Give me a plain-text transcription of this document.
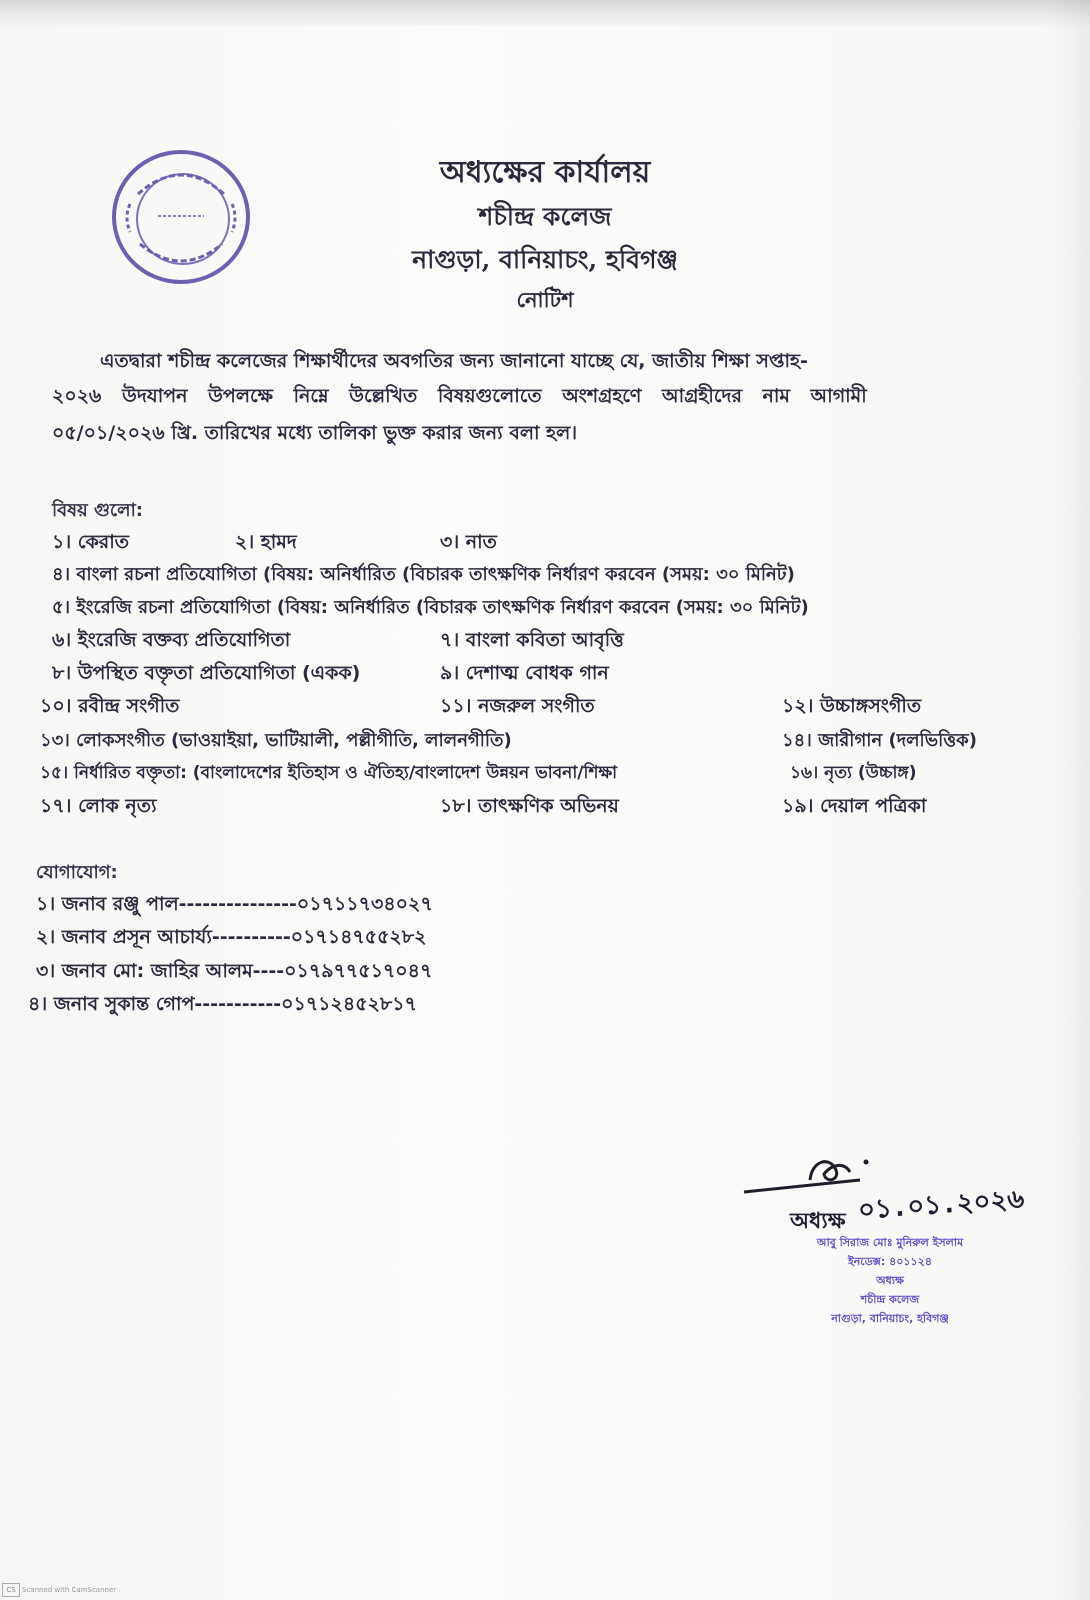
অধ্যক্ষের কার্যালয়
শচীন্দ্র কলেজ
নাগুড়া, বানিয়াচং, হবিগঞ্জ
নোটিশ
এতদ্বারা শচীন্দ্র কলেজের শিক্ষার্থীদের অবগতির জন্য জানানো যাচ্ছে যে, জাতীয় শিক্ষা সপ্তাহ-
২০২৬ উদযাপন উপলক্ষে নিম্নে উল্লেখিত বিষয়গুলোতে অংশগ্রহণে আগ্রহীদের নাম আগামী
০৫/০১/২০২৬ খ্রি. তারিখের মধ্যে তালিকা ভুক্ত করার জন্য বলা হল।
বিষয় গুলো:
১। কেরাত	২। হামদ	৩। নাত
৪। বাংলা রচনা প্রতিযোগিতা (বিষয়: অনির্ধারিত (বিচারক তাৎক্ষণিক নির্ধারণ করবেন (সময়: ৩০ মিনিট)
৫। ইংরেজি রচনা প্রতিযোগিতা (বিষয়: অনির্ধারিত (বিচারক তাৎক্ষণিক নির্ধারণ করবেন (সময়: ৩০ মিনিট)
৬। ইংরেজি বক্তব্য প্রতিযোগিতা	৭। বাংলা কবিতা আবৃত্তি
৮। উপস্থিত বক্তৃতা প্রতিযোগিতা (একক)	৯। দেশাত্ম বোধক গান
১০। রবীন্দ্র সংগীত	১১। নজরুল সংগীত	১২। উচ্চাঙ্গসংগীত
১৩। লোকসংগীত (ভাওয়াইয়া, ভাটিয়ালী, পল্লীগীতি, লালনগীতি)	১৪। জারীগান (দলভিত্তিক)
১৫। নির্ধারিত বক্তৃতা: (বাংলাদেশের ইতিহাস ও ঐতিহ্য/বাংলাদেশ উন্নয়ন ভাবনা/শিক্ষা	১৬। নৃত্য (উচ্চাঙ্গ)
১৭। লোক নৃত্য	১৮। তাৎক্ষণিক অভিনয়	১৯। দেয়াল পত্রিকা
যোগাযোগ:
১। জনাব রঞ্জু পাল---------------০১৭১১৭৩৪০২৭
২। জনাব প্রসূন আচার্য্য----------০১৭১৪৭৫৫২৮২
৩। জনাব মো: জাহির আলম----০১৭৯৭৭৫১৭০৪৭
৪। জনাব সুকান্ত গোপ-----------০১৭১২৪৫২৮১৭
০১.০১.২০২৬
অধ্যক্ষ
আবু সিরাজ মোঃ মুনিরুল ইসলাম
ইনডেক্স: ৪০১১২৪
অধ্যক্ষ
শচীন্দ্র কলেজ
নাগুড়া, বানিয়াচং, হবিগঞ্জ
CS Scanned with CamScanner
